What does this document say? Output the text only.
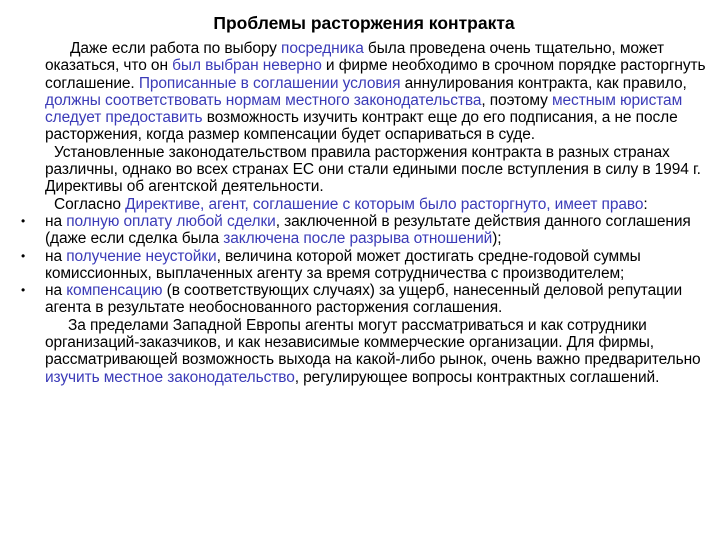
Проблемы расторжения контракта

Даже если работа по выбору посредника была проведена очень тщательно, может оказаться, что он был выбран неверно и фирме необходимо в срочном порядке расторгнуть соглашение. Прописанные в соглашении условия аннулирования контракта, как правило, должны соответствовать нормам местного законодательства, поэтому местным юристам следует предоставить возможность изучить контракт еще до его подписания, а не после расторжения, когда размер компенсации будет оспариваться в суде.

Установленные законодательством правила расторжения контракта в разных странах различны, однако во всех странах ЕС они стали едиными после вступления в силу в 1994 г. Директивы об агентской деятельности.

Согласно Директиве, агент, соглашение с которым было расторгнуто, имеет право:

• на полную оплату любой сделки, заключенной в результате действия данного соглашения (даже если сделка была заключена после разрыва отношений);
• на получение неустойки, величина которой может достигать средне-годовой суммы комиссионных, выплаченных агенту за время сотрудничества с производителем;
• на компенсацию (в соответствующих случаях) за ущерб, нанесенный деловой репутации агента в результате необоснованного расторжения соглашения.

За пределами Западной Европы агенты могут рассматриваться и как сотрудники организаций-заказчиков, и как независимые коммерческие организации. Для фирмы, рассматривающей возможность выхода на какой-либо рынок, очень важно предварительно изучить местное законодательство, регулирующее вопросы контрактных соглашений.
